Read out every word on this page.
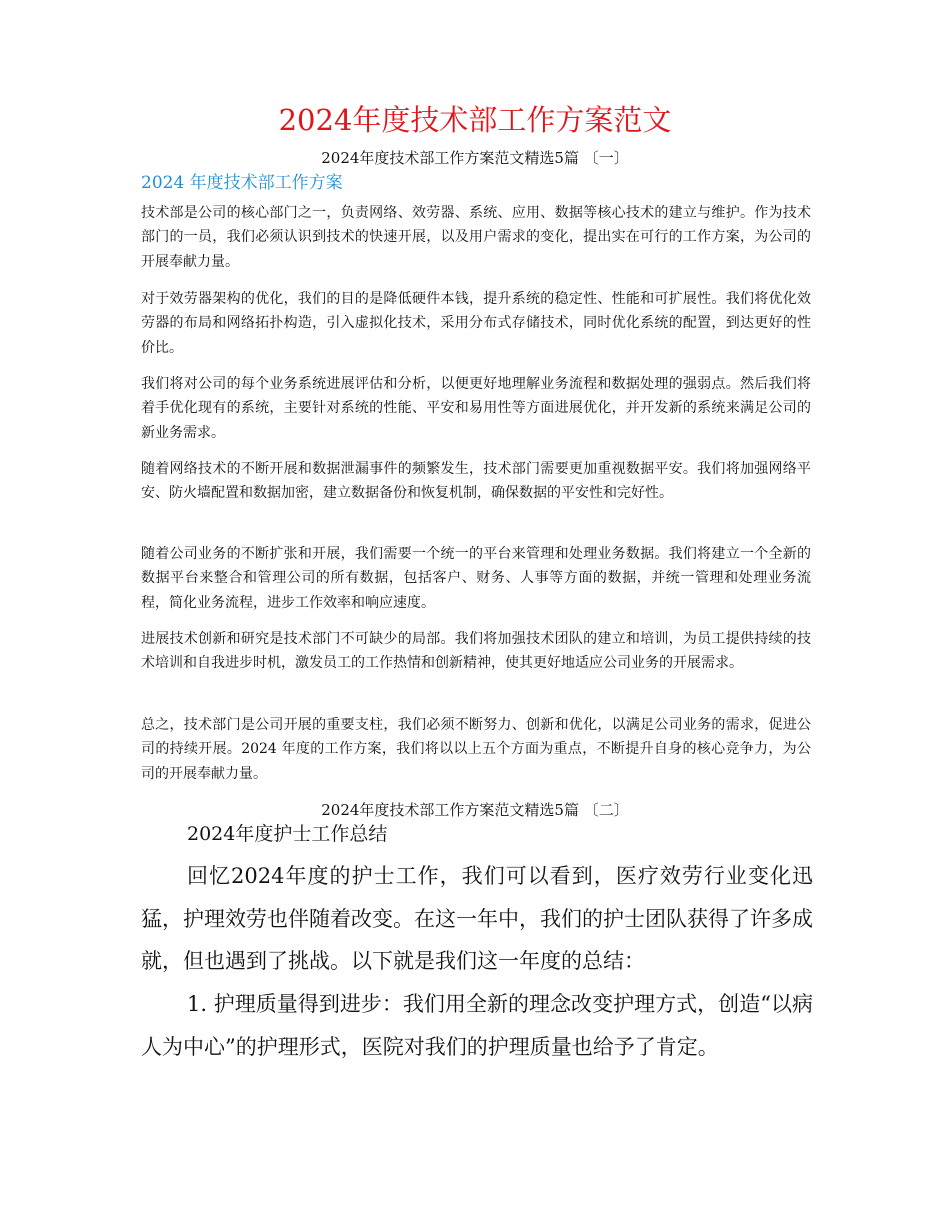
2024年度技术部工作方案范文
2024年度技术部工作方案范文精选5篇 〔一〕
2024 年度技术部工作方案
技术部是公司的核心部门之一，负责网络、效劳器、系统、应用、数据等核心技术的建立与维护。作为技术部门的一员，我们必须认识到技术的快速开展，以及用户需求的变化，提出实在可行的工作方案，为公司的开展奉献力量。
对于效劳器架构的优化，我们的目的是降低硬件本钱，提升系统的稳定性、性能和可扩展性。我们将优化效劳器的布局和网络拓扑构造，引入虚拟化技术，采用分布式存储技术，同时优化系统的配置，到达更好的性价比。
我们将对公司的每个业务系统进展评估和分析，以便更好地理解业务流程和数据处理的强弱点。然后我们将着手优化现有的系统，主要针对系统的性能、平安和易用性等方面进展优化，并开发新的系统来满足公司的新业务需求。
随着网络技术的不断开展和数据泄漏事件的频繁发生，技术部门需要更加重视数据平安。我们将加强网络平安、防火墙配置和数据加密，建立数据备份和恢复机制，确保数据的平安性和完好性。
随着公司业务的不断扩张和开展，我们需要一个统一的平台来管理和处理业务数据。我们将建立一个全新的数据平台来整合和管理公司的所有数据，包括客户、财务、人事等方面的数据，并统一管理和处理业务流程，简化业务流程，进步工作效率和响应速度。
进展技术创新和研究是技术部门不可缺少的局部。我们将加强技术团队的建立和培训，为员工提供持续的技术培训和自我进步时机，激发员工的工作热情和创新精神，使其更好地适应公司业务的开展需求。
总之，技术部门是公司开展的重要支柱，我们必须不断努力、创新和优化，以满足公司业务的需求，促进公司的持续开展。2024 年度的工作方案，我们将以以上五个方面为重点，不断提升自身的核心竞争力，为公司的开展奉献力量。
2024年度技术部工作方案范文精选5篇 〔二〕
2024年度护士工作总结
回忆2024年度的护士工作，我们可以看到，医疗效劳行业变化迅猛，护理效劳也伴随着改变。在这一年中，我们的护士团队获得了许多成就，但也遇到了挑战。以下就是我们这一年度的总结：
1. 护理质量得到进步：我们用全新的理念改变护理方式，创造“以病人为中心”的护理形式，医院对我们的护理质量也给予了肯定。
